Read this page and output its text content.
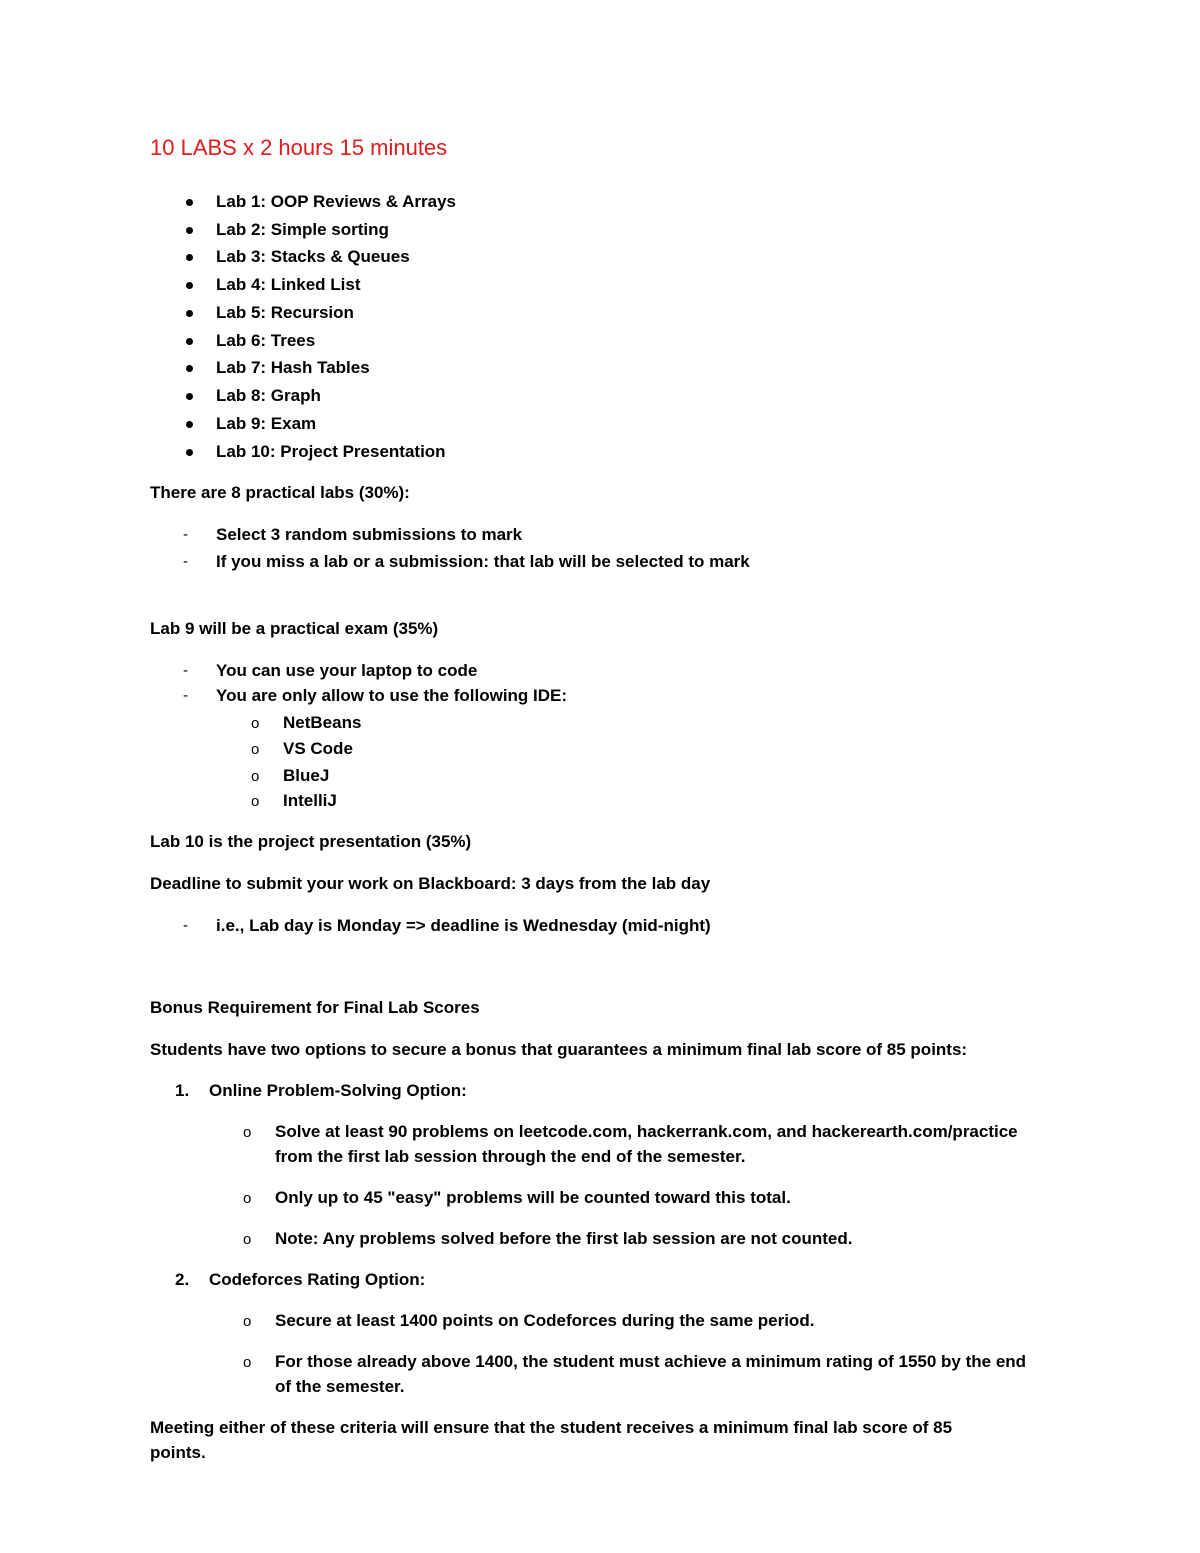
10 LABS x 2 hours 15 minutes
Lab 1: OOP Reviews & Arrays
Lab 2: Simple sorting
Lab 3: Stacks & Queues
Lab 4: Linked List
Lab 5: Recursion
Lab 6: Trees
Lab 7: Hash Tables
Lab 8: Graph
Lab 9: Exam
Lab 10: Project Presentation
There are 8 practical labs (30%):
- Select 3 random submissions to mark
- If you miss a lab or a submission: that lab will be selected to mark
Lab 9 will be a practical exam (35%)
- You can use your laptop to code
- You are only allow to use the following IDE:
o NetBeans
o VS Code
o BlueJ
o IntelliJ
Lab 10 is the project presentation (35%)
Deadline to submit your work on Blackboard: 3 days from the lab day
- i.e., Lab day is Monday => deadline is Wednesday (mid-night)
Bonus Requirement for Final Lab Scores
Students have two options to secure a bonus that guarantees a minimum final lab score of 85 points:
1. Online Problem-Solving Option:
o Solve at least 90 problems on leetcode.com, hackerrank.com, and hackerearth.com/practice
from the first lab session through the end of the semester.
o Only up to 45 "easy" problems will be counted toward this total.
o Note: Any problems solved before the first lab session are not counted.
2. Codeforces Rating Option:
o Secure at least 1400 points on Codeforces during the same period.
o For those already above 1400, the student must achieve a minimum rating of 1550 by the end
of the semester.
Meeting either of these criteria will ensure that the student receives a minimum final lab score of 85
points.
